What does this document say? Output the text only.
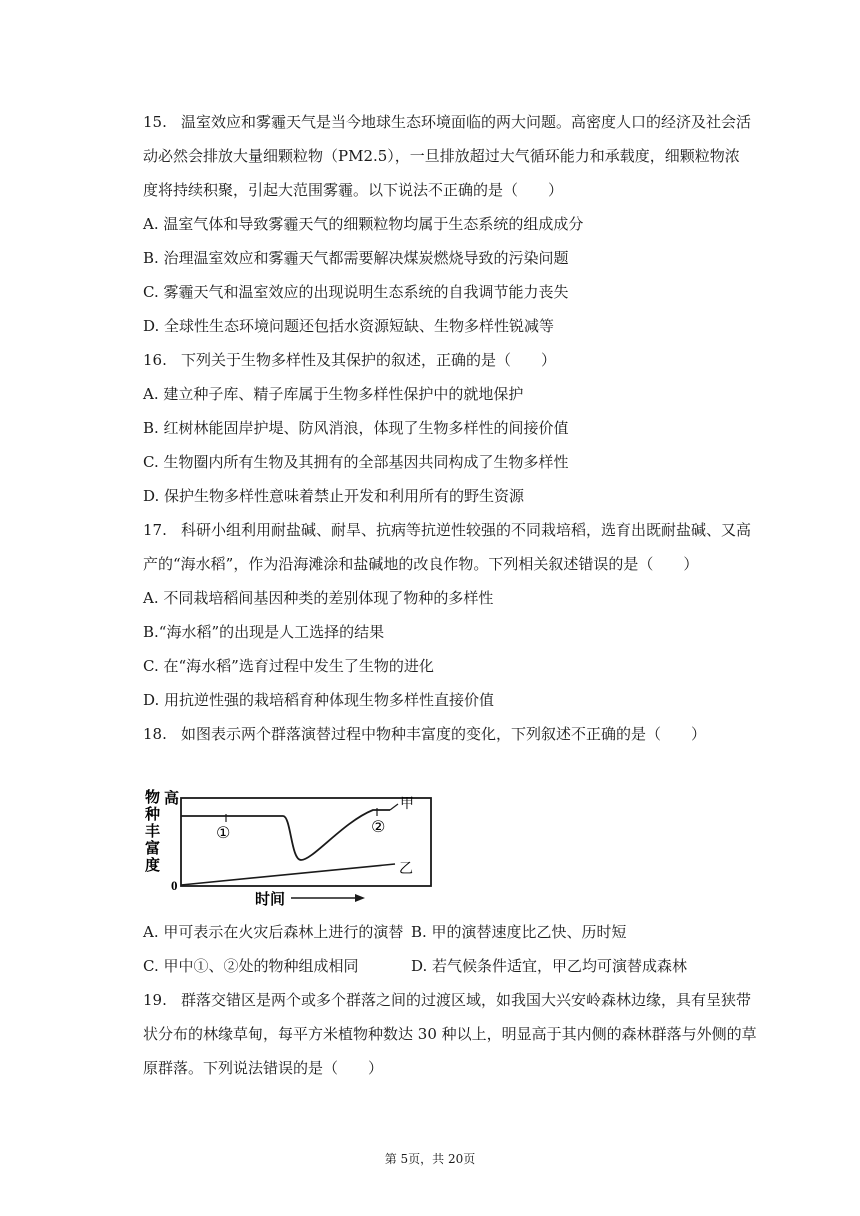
15. 温室效应和雾霾天气是当今地球生态环境面临的两大问题。高密度人口的经济及社会活
动必然会排放大量细颗粒物（PM2.5），一旦排放超过大气循环能力和承载度，细颗粒物浓
度将持续积聚，引起大范围雾霾。以下说法不正确的是（　　）
A. 温室气体和导致雾霾天气的细颗粒物均属于生态系统的组成成分
B. 治理温室效应和雾霾天气都需要解决煤炭燃烧导致的污染问题
C. 雾霾天气和温室效应的出现说明生态系统的自我调节能力丧失
D. 全球性生态环境问题还包括水资源短缺、生物多样性锐减等
16. 下列关于生物多样性及其保护的叙述，正确的是（　　）
A. 建立种子库、精子库属于生物多样性保护中的就地保护
B. 红树林能固岸护堤、防风消浪，体现了生物多样性的间接价值
C. 生物圈内所有生物及其拥有的全部基因共同构成了生物多样性
D. 保护生物多样性意味着禁止开发和利用所有的野生资源
17. 科研小组利用耐盐碱、耐旱、抗病等抗逆性较强的不同栽培稻，选育出既耐盐碱、又高
产的“海水稻”，作为沿海滩涂和盐碱地的改良作物。下列相关叙述错误的是（　　）
A. 不同栽培稻间基因种类的差别体现了物种的多样性
B.“海水稻”的出现是人工选择的结果
C. 在“海水稻”选育过程中发生了生物的进化
D. 用抗逆性强的栽培稻育种体现生物多样性直接价值
18. 如图表示两个群落演替过程中物种丰富度的变化，下列叙述不正确的是（　　）
物
种
丰
富
度
高
0
甲
①	②
乙
时间
A. 甲可表示在火灾后森林上进行的演替 B. 甲的演替速度比乙快、历时短
C. 甲中①、②处的物种组成相同	D. 若气候条件适宜，甲乙均可演替成森林
19. 群落交错区是两个或多个群落之间的过渡区域，如我国大兴安岭森林边缘，具有呈狭带
状分布的林缘草甸，每平方米植物种数达 30 种以上，明显高于其内侧的森林群落与外侧的草
原群落。下列说法错误的是（　　）
第 5页，共 20页
